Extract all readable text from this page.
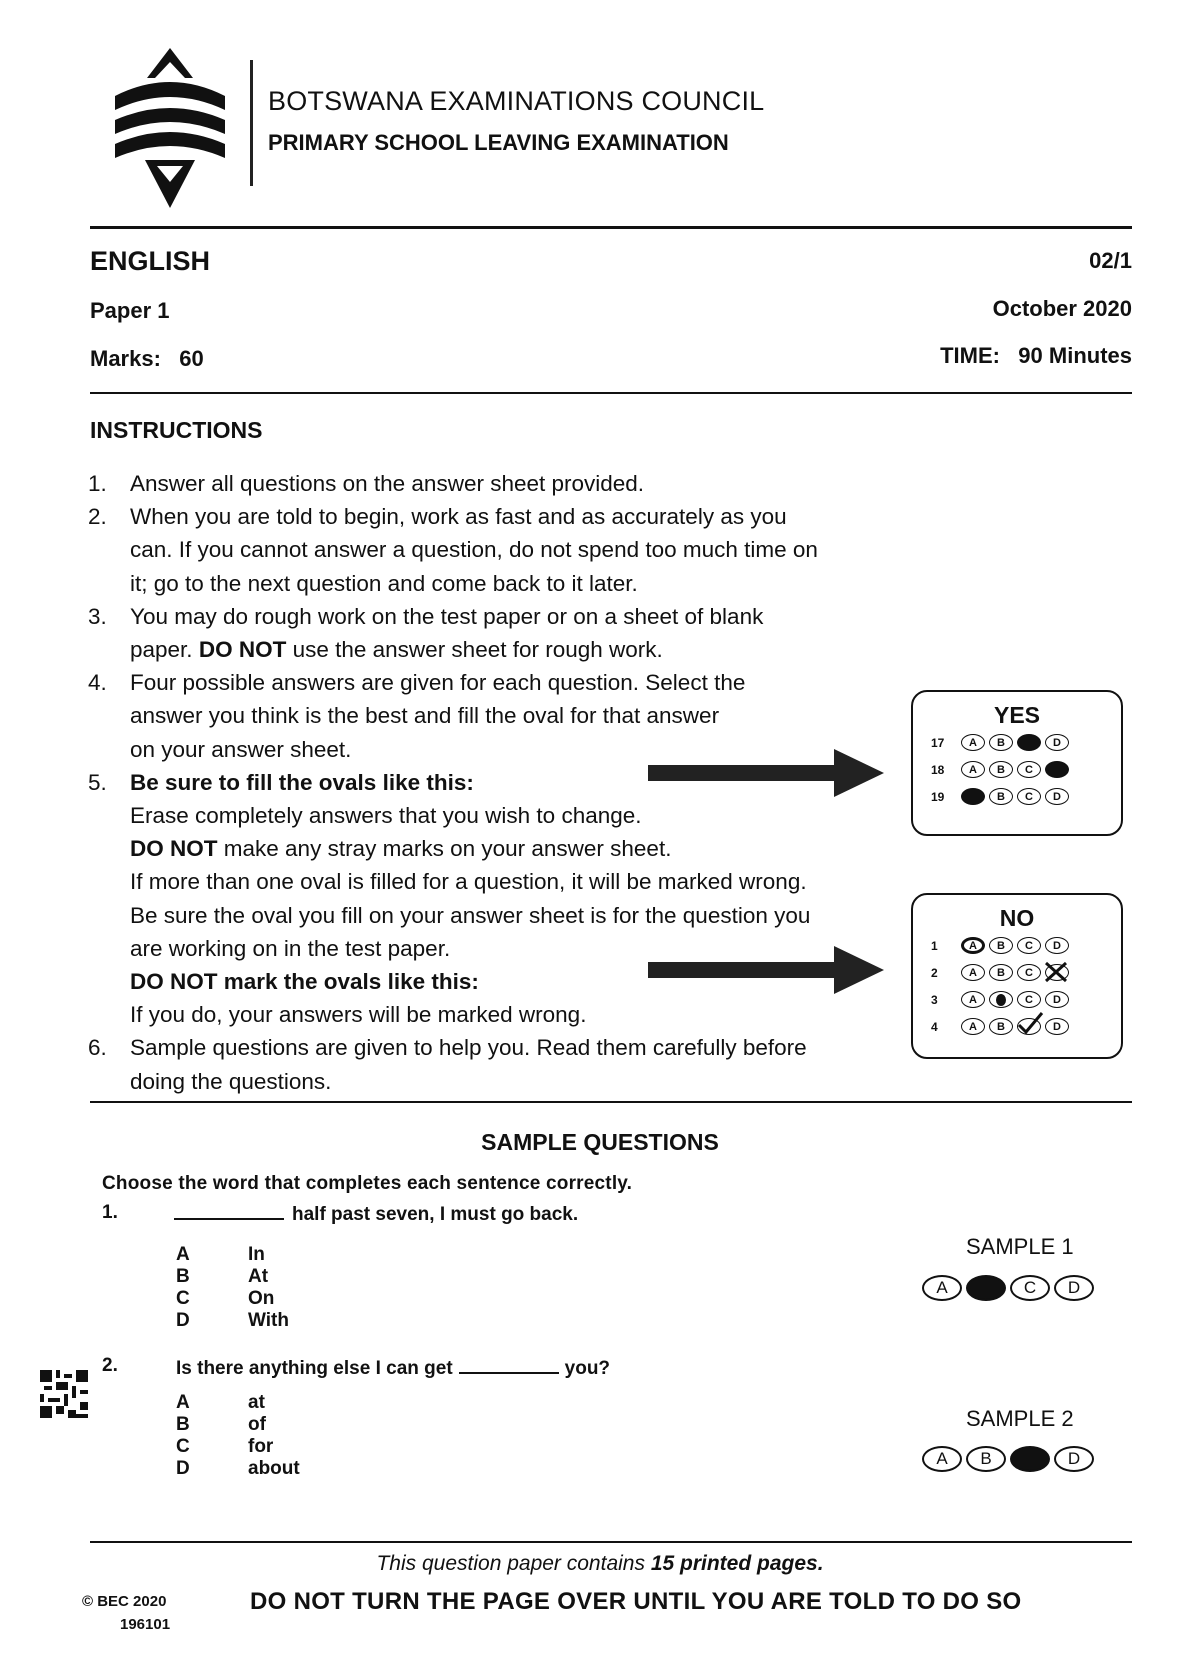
BOTSWANA EXAMINATIONS COUNCIL
PRIMARY SCHOOL LEAVING EXAMINATION
ENGLISH	02/1
Paper 1	October 2020
Marks: 60	TIME: 90 Minutes
INSTRUCTIONS
1.	Answer all questions on the answer sheet provided.
2.	When you are told to begin, work as fast and as accurately as you can. If you cannot answer a question, do not spend too much time on it; go to the next question and come back to it later.
3.	You may do rough work on the test paper or on a sheet of blank paper. DO NOT use the answer sheet for rough work.
4.	Four possible answers are given for each question. Select the answer you think is the best and fill the oval for that answer on your answer sheet.
5.	Be sure to fill the ovals like this:

Erase completely answers that you wish to change.

DO NOT make any stray marks on your answer sheet.

If more than one oval is filled for a question, it will be marked wrong.

Be sure the oval you fill on your answer sheet is for the question you are working on in the test paper.

DO NOT mark the ovals like this:

If you do, your answers will be marked wrong.

6.	Sample questions are given to help you. Read them carefully before doing the questions.
YES
17	A	B	D
18	A	B	C
19	B	C	D
NO
1	A	B	C	D
2	A	B	C
3	A	C	D
4	A	B	D
SAMPLE QUESTIONS
Choose the word that completes each sentence correctly.
1.	half past seven, I must go back.
A	In
B	At
C	On
D	With
SAMPLE 1
A	C	D
2.	Is there anything else I can get	you?
A	at
B	of
C	for
D	about
SAMPLE 2
A	B	D
This question paper contains 15 printed pages.
© BEC 2020
196101
DO NOT TURN THE PAGE OVER UNTIL YOU ARE TOLD TO DO SO
